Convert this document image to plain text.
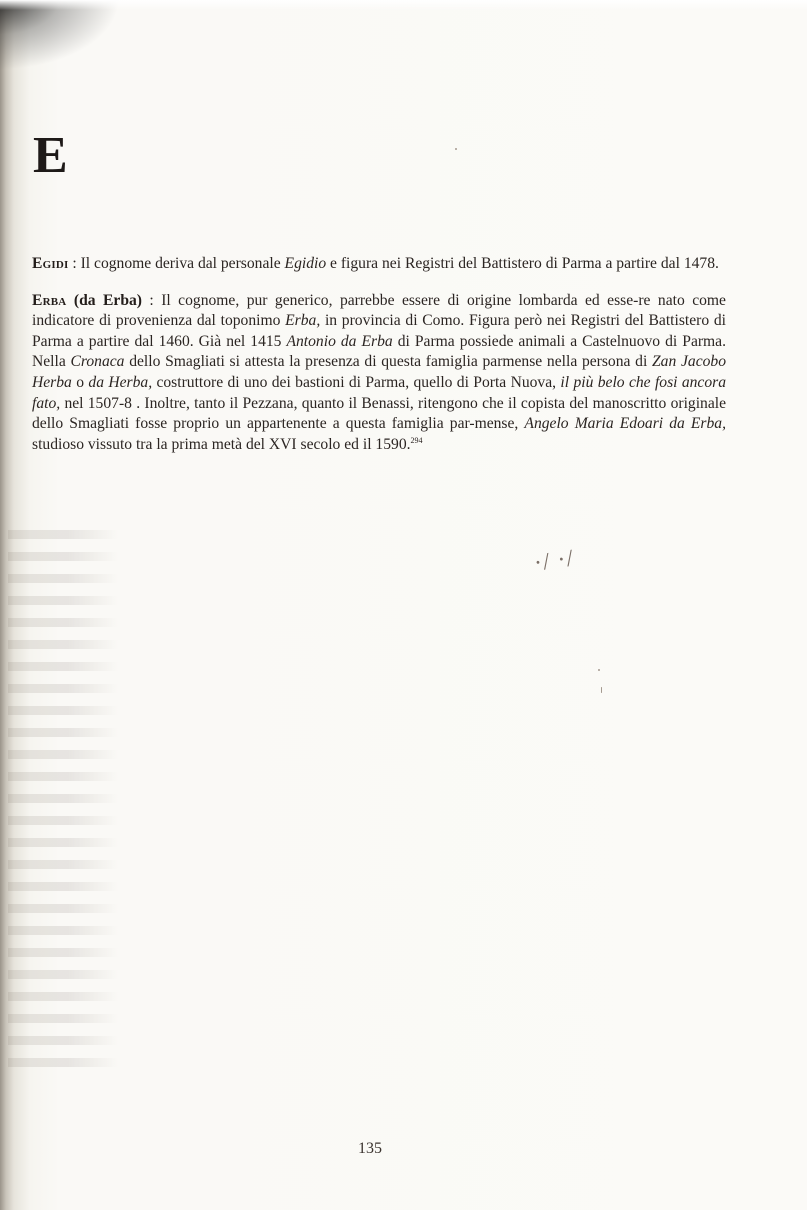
E

Egidi : Il cognome deriva dal personale Egidio e figura nei Registri del Battistero di Parma a partire dal 1478.

Erba (da Erba) : Il cognome, pur generico, parrebbe essere di origine lombarda ed esse-re nato come indicatore di provenienza dal toponimo Erba, in provincia di Como. Figura però nei Registri del Battistero di Parma a partire dal 1460. Già nel 1415 Antonio da Erba di Parma possiede animali a Castelnuovo di Parma. Nella Cronaca dello Smagliati si attesta la presenza di questa famiglia parmense nella persona di Zan Jacobo Herba o da Herba, costruttore di uno dei bastioni di Parma, quello di Porta Nuova, il più belo che fosi ancora fato, nel 1507-8 . Inoltre, tanto il Pezzana, quanto il Benassi, ritengono che il copista del manoscritto originale dello Smagliati fosse proprio un appartenente a questa famiglia par-mense, Angelo Maria Edoari da Erba, studioso vissuto tra la prima metà del XVI secolo ed il 1590.$^{294}$

·/ ·/
135
